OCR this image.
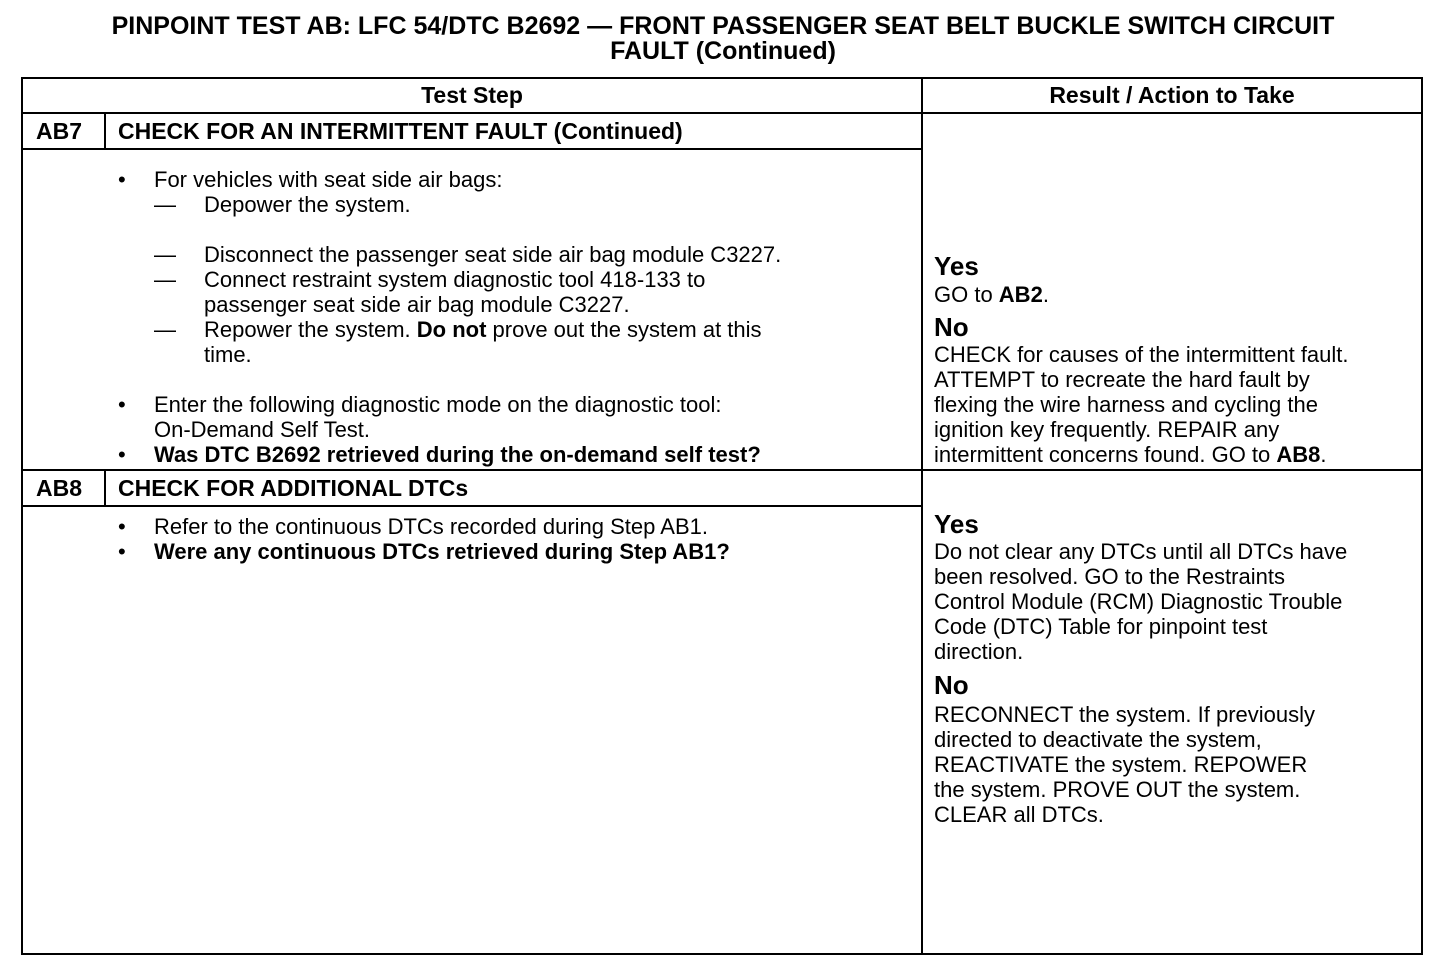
PINPOINT TEST AB: LFC 54/DTC B2692 — FRONT PASSENGER SEAT BELT BUCKLE SWITCH CIRCUIT
FAULT (Continued)
Test Step	Result / Action to Take
AB7 CHECK FOR AN INTERMITTENT FAULT (Continued)
• For vehicles with seat side air bags:
— Depower the system.
— Disconnect the passenger seat side air bag module C3227.
— Connect restraint system diagnostic tool 418-133 to
passenger seat side air bag module C3227.
— Repower the system. Do not prove out the system at this
time.
• Enter the following diagnostic mode on the diagnostic tool:
On-Demand Self Test.
• Was DTC B2692 retrieved during the on-demand self test?
Yes
GO to AB2.
No
CHECK for causes of the intermittent fault.
ATTEMPT to recreate the hard fault by
flexing the wire harness and cycling the
ignition key frequently. REPAIR any
intermittent concerns found. GO to AB8.
AB8 CHECK FOR ADDITIONAL DTCs
• Refer to the continuous DTCs recorded during Step AB1.
• Were any continuous DTCs retrieved during Step AB1?
Yes
Do not clear any DTCs until all DTCs have
been resolved. GO to the Restraints
Control Module (RCM) Diagnostic Trouble
Code (DTC) Table for pinpoint test
direction.
No
RECONNECT the system. If previously
directed to deactivate the system,
REACTIVATE the system. REPOWER
the system. PROVE OUT the system.
CLEAR all DTCs.
